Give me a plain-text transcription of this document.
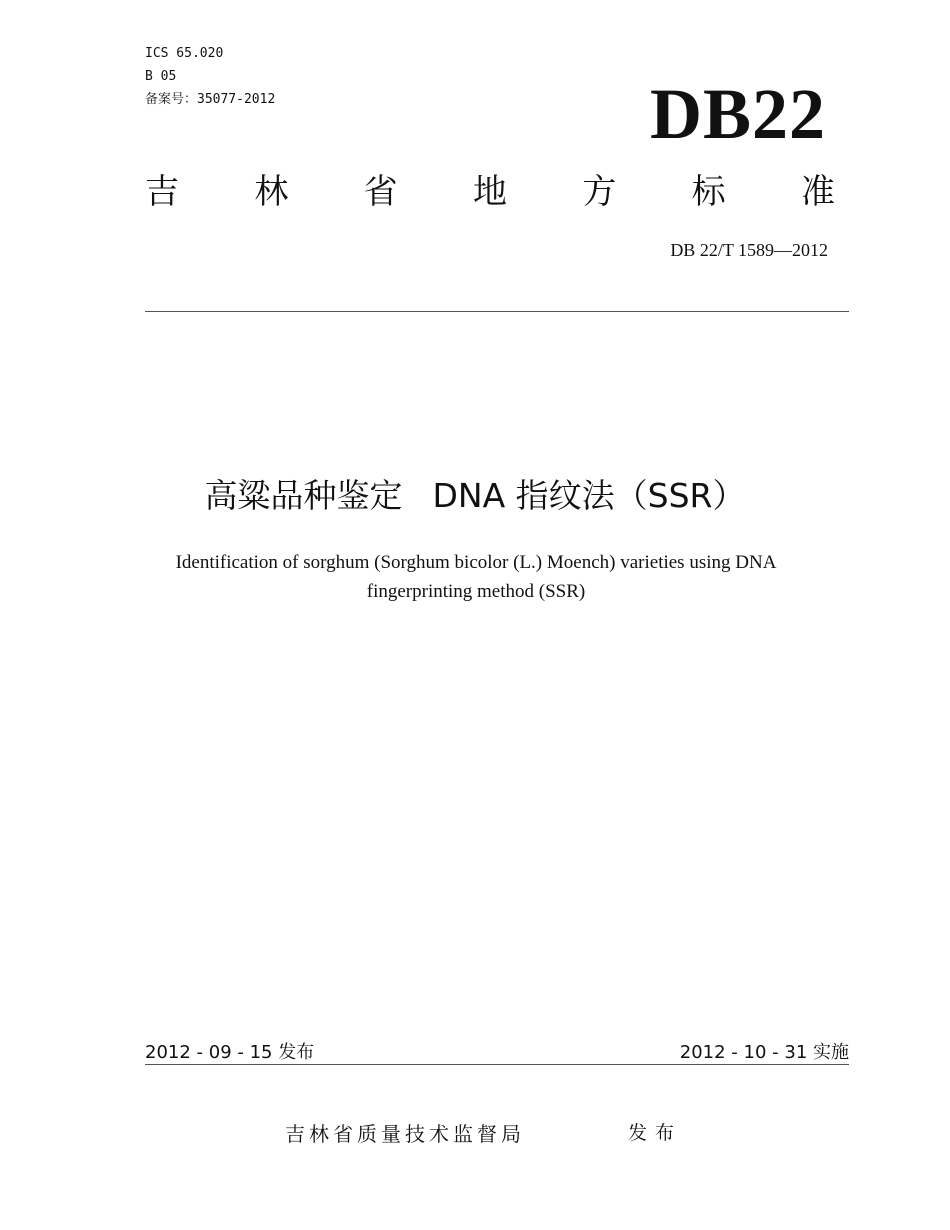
ICS 65.020
B 05
备案号：35077-2012	DB22
吉 林 省 地 方 标 准
DB 22/T 1589—2012
高粱品种鉴定 DNA 指纹法（SSR）
Identification of sorghum (Sorghum bicolor (L.) Moench) varieties using DNA
fingerprinting method (SSR)
2012 - 09 - 15 发布	2012 - 10 - 31 实施
吉林省质量技术监督局	发布
